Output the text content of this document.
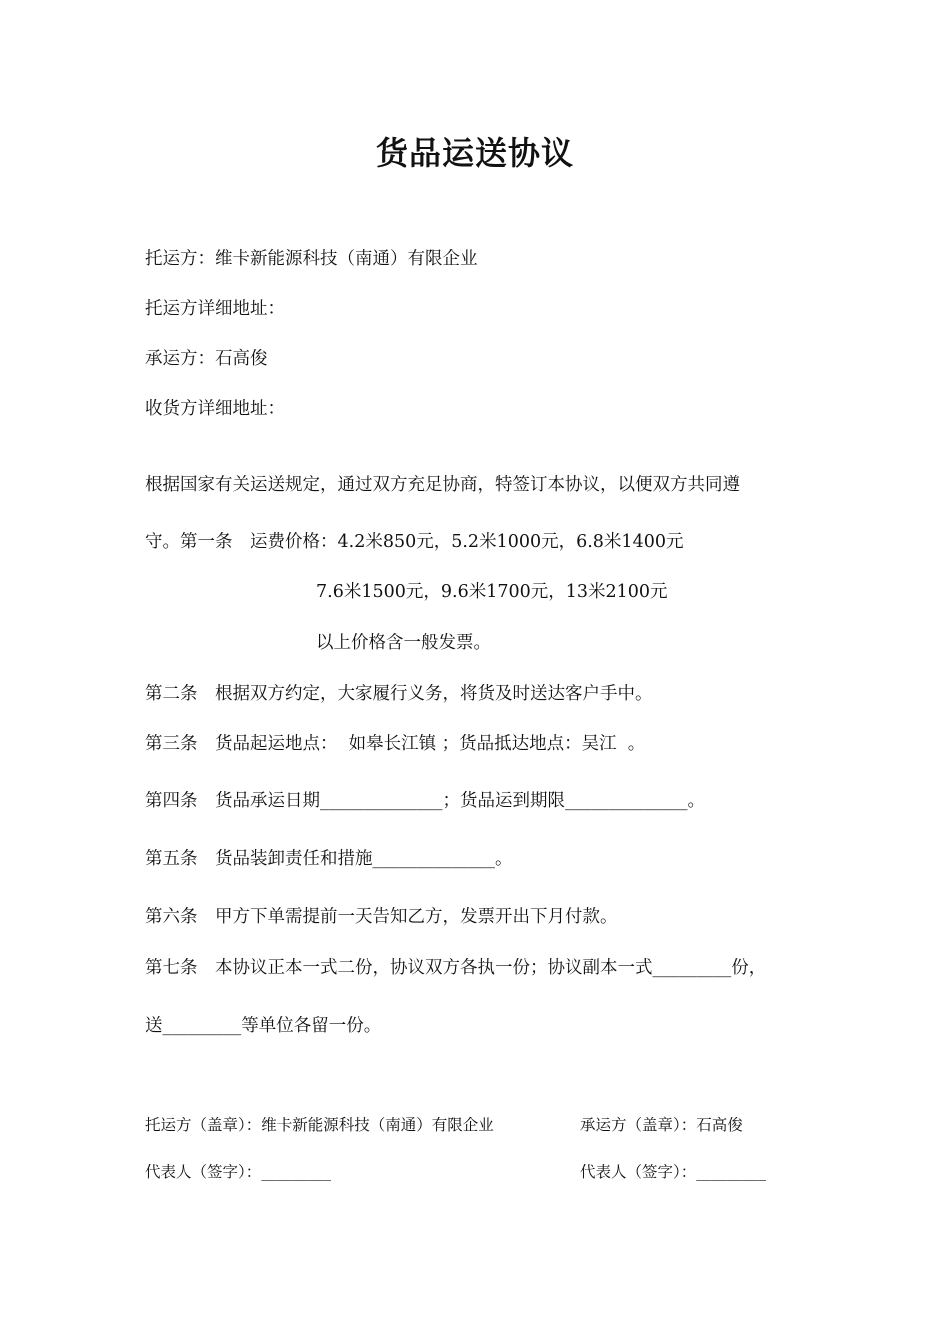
货品运送协议
托运方：维卡新能源科技（南通）有限企业
托运方详细地址：
承运方：石高俊
收货方详细地址：
根据国家有关运送规定，通过双方充足协商，特签订本协议，以便双方共同遵
守。第一条　运费价格：4.2米850元，5.2米1000元，6.8米1400元
7.6米1500元，9.6米1700元，13米2100元
以上价格含一般发票。
第二条　根据双方约定，大家履行义务，将货及时送达客户手中。
第三条　货品起运地点：  如皋长江镇 ；货品抵达地点：吴江  。
第四条　货品承运日期______________；货品运到期限______________。
第五条　货品装卸责任和措施______________。
第六条　甲方下单需提前一天告知乙方，发票开出下月付款。
第七条　本协议正本一式二份，协议双方各执一份；协议副本一式_________份，
送_________等单位各留一份。
托运方（盖章）：维卡新能源科技（南通）有限企业	承运方（盖章）：石高俊
代表人（签字）：_________	代表人（签字）：_________
